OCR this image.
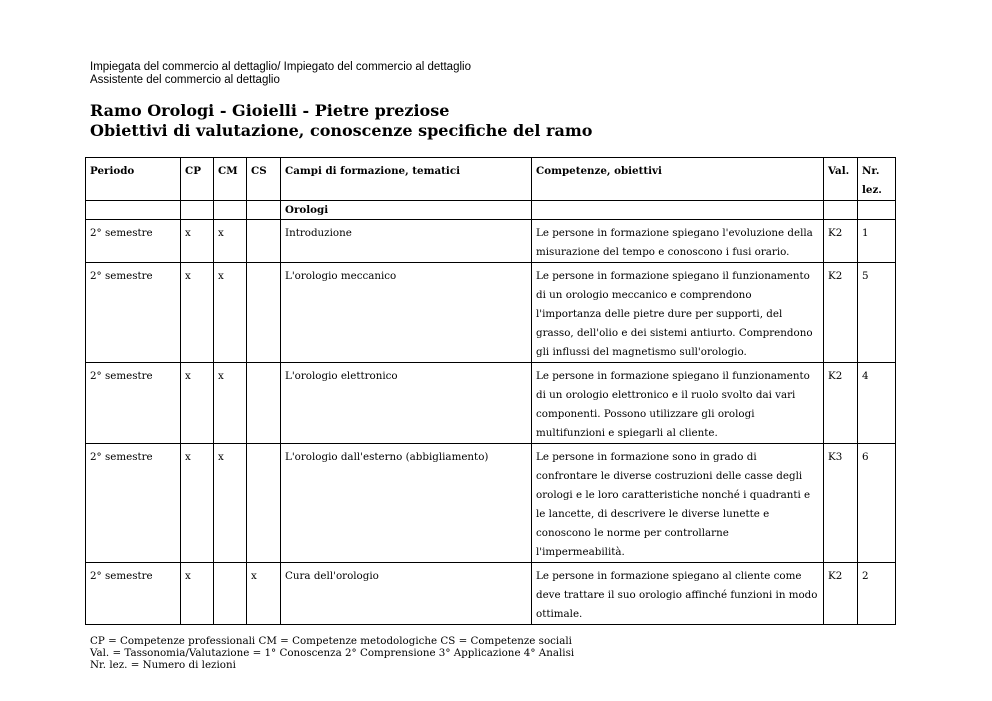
Impiegata del commercio al dettaglio/ Impiegato del commercio al dettaglio
Assistente del commercio al dettaglio
Ramo Orologi - Gioielli - Pietre preziose
Obiettivi di valutazione, conoscenze specifiche del ramo
Periodo	CP	CM	CS	Campi di formazione, tematici	Competenze, obiettivi	Val.	Nr.
lez.

				Orologi			
2° semestre	x	x		Introduzione	Le persone in formazione spiegano l'evoluzione della misurazione del tempo e conoscono i fusi orario.	K2	1
2° semestre	x	x		L'orologio meccanico	Le persone in formazione spiegano il funzionamento di un orologio meccanico e comprendono l'importanza delle pietre dure per supporti, del grasso, dell'olio e dei sistemi antiurto. Comprendono gli influssi del magnetismo sull'orologio.	K2	5
2° semestre	x	x		L'orologio elettronico	Le persone in formazione spiegano il funzionamento di un orologio elettronico e il ruolo svolto dai vari componenti. Possono utilizzare gli orologi multifunzioni e spiegarli al cliente.	K2	4
2° semestre	x	x		L'orologio dall'esterno (abbigliamento)	Le persone in formazione sono in grado di confrontare le diverse costruzioni delle casse degli orologi e le loro caratteristiche nonché i quadranti e le lancette, di descrivere le diverse lunette e conoscono le norme per controllarne l'impermeabilità.	K3	6
2° semestre	x		x	Cura dell'orologio	Le persone in formazione spiegano al cliente come deve trattare il suo orologio affinché funzioni in modo ottimale.	K2	2
CP = Competenze professionali CM = Competenze metodologiche CS = Competenze sociali
Val. = Tassonomia/Valutazione = 1° Conoscenza 2° Comprensione 3° Applicazione 4° Analisi
Nr. lez. = Numero di lezioni
